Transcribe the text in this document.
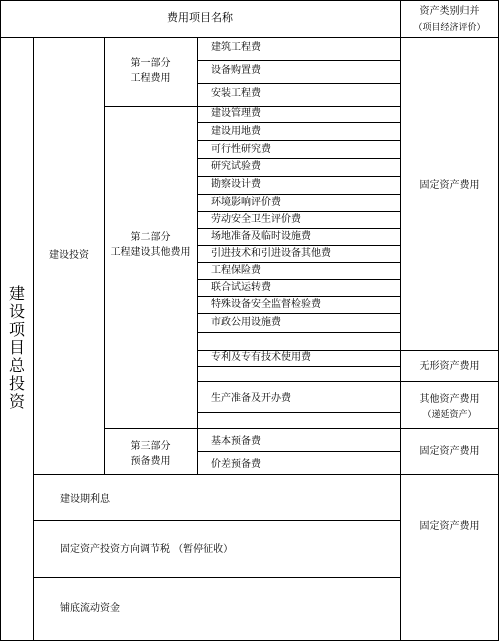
费用项目名称	资产类别归并
（项目经济评价）
建设项目总投资
建设投资
第一部分
工程费用
第二部分
工程建设其他费用
第三部分
预备费用
建筑工程费
设备购置费
安装工程费
建设管理费
建设用地费
可行性研究费
研究试验费
勘察设计费
环境影响评价费
劳动安全卫生评价费
场地准备及临时设施费
引进技术和引进设备其他费
工程保险费
联合试运转费
特殊设备安全监督检验费
市政公用设施费
专利及专有技术使用费
生产准备及开办费
基本预备费
价差预备费
建设期利息
固定资产投资方向调节税 （暂停征收）
铺底流动资金
固定资产费用
无形资产费用
其他资产费用
（递延资产）
固定资产费用
固定资产费用
